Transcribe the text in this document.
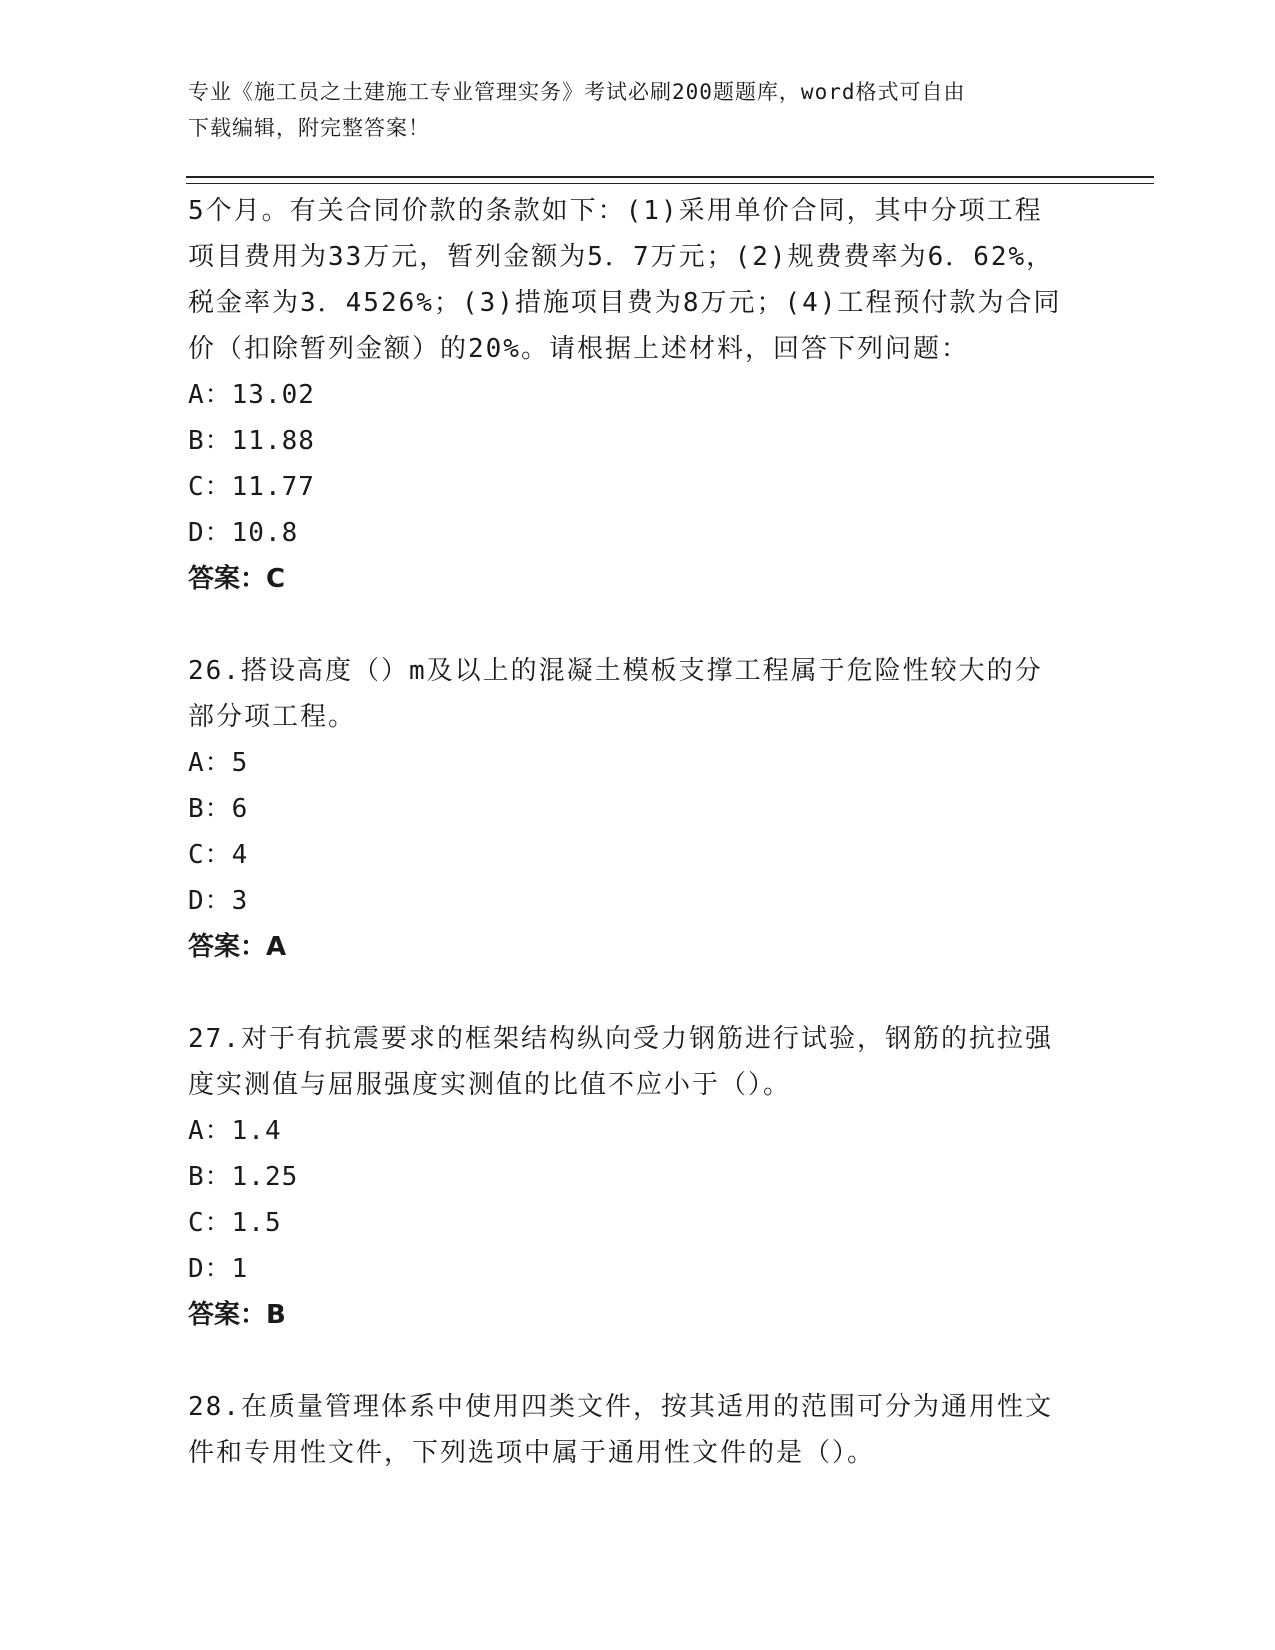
专业《施工员之土建施工专业管理实务》考试必刷200题题库，word格式可自由
下载编辑，附完整答案！

5个月。有关合同价款的条款如下：(1)采用单价合同，其中分项工程

项目费用为33万元，暂列金额为5．7万元；(2)规费费率为6．62%，

税金率为3．4526%；(3)措施项目费为8万元；(4)工程预付款为合同

价（扣除暂列金额）的20%。请根据上述材料，回答下列问题：

A：13.02

B：11.88

C：11.77

D：10.8

答案：C

26.搭设高度（）m及以上的混凝土模板支撑工程属于危险性较大的分

部分项工程。

A：5

B：6

C：4

D：3

答案：A

27.对于有抗震要求的框架结构纵向受力钢筋进行试验，钢筋的抗拉强

度实测值与屈服强度实测值的比值不应小于（）。

A：1.4

B：1.25

C：1.5

D：1

答案：B

28.在质量管理体系中使用四类文件，按其适用的范围可分为通用性文

件和专用性文件，下列选项中属于通用性文件的是（）。
